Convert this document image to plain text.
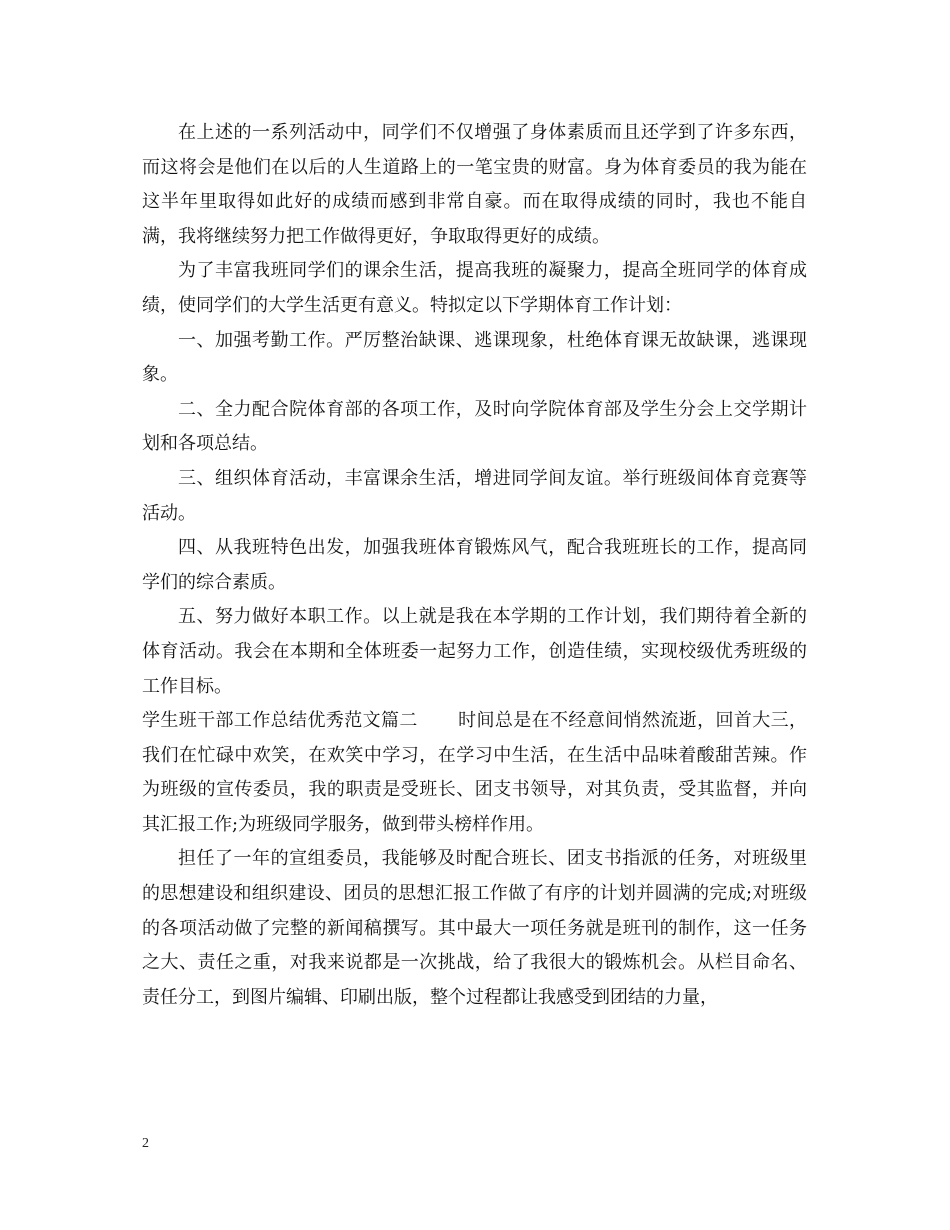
在上述的一系列活动中，同学们不仅增强了身体素质而且还学到了许多东西，而这将会是他们在以后的人生道路上的一笔宝贵的财富。身为体育委员的我为能在这半年里取得如此好的成绩而感到非常自豪。而在取得成绩的同时，我也不能自满，我将继续努力把工作做得更好，争取取得更好的成绩。

为了丰富我班同学们的课余生活，提高我班的凝聚力，提高全班同学的体育成绩，使同学们的大学生活更有意义。特拟定以下学期体育工作计划：

一、加强考勤工作。严厉整治缺课、逃课现象，杜绝体育课无故缺课，逃课现象。

二、全力配合院体育部的各项工作，及时向学院体育部及学生分会上交学期计划和各项总结。

三、组织体育活动，丰富课余生活，增进同学间友谊。举行班级间体育竞赛等活动。

四、从我班特色出发，加强我班体育锻炼风气，配合我班班长的工作，提高同学们的综合素质。

五、努力做好本职工作。以上就是我在本学期的工作计划，我们期待着全新的体育活动。我会在本期和全体班委一起努力工作，创造佳绩，实现校级优秀班级的工作目标。

学生班干部工作总结优秀范文篇二 时间总是在不经意间悄然流逝，回首大三，我们在忙碌中欢笑，在欢笑中学习，在学习中生活，在生活中品味着酸甜苦辣。作为班级的宣传委员，我的职责是受班长、团支书领导，对其负责，受其监督，并向其汇报工作;为班级同学服务，做到带头榜样作用。

担任了一年的宣组委员，我能够及时配合班长、团支书指派的任务，对班级里的思想建设和组织建设、团员的思想汇报工作做了有序的计划并圆满的完成;对班级的各项活动做了完整的新闻稿撰写。其中最大一项任务就是班刊的制作，这一任务之大、责任之重，对我来说都是一次挑战，给了我很大的锻炼机会。从栏目命名、责任分工，到图片编辑、印刷出版，整个过程都让我感受到团结的力量，

2
